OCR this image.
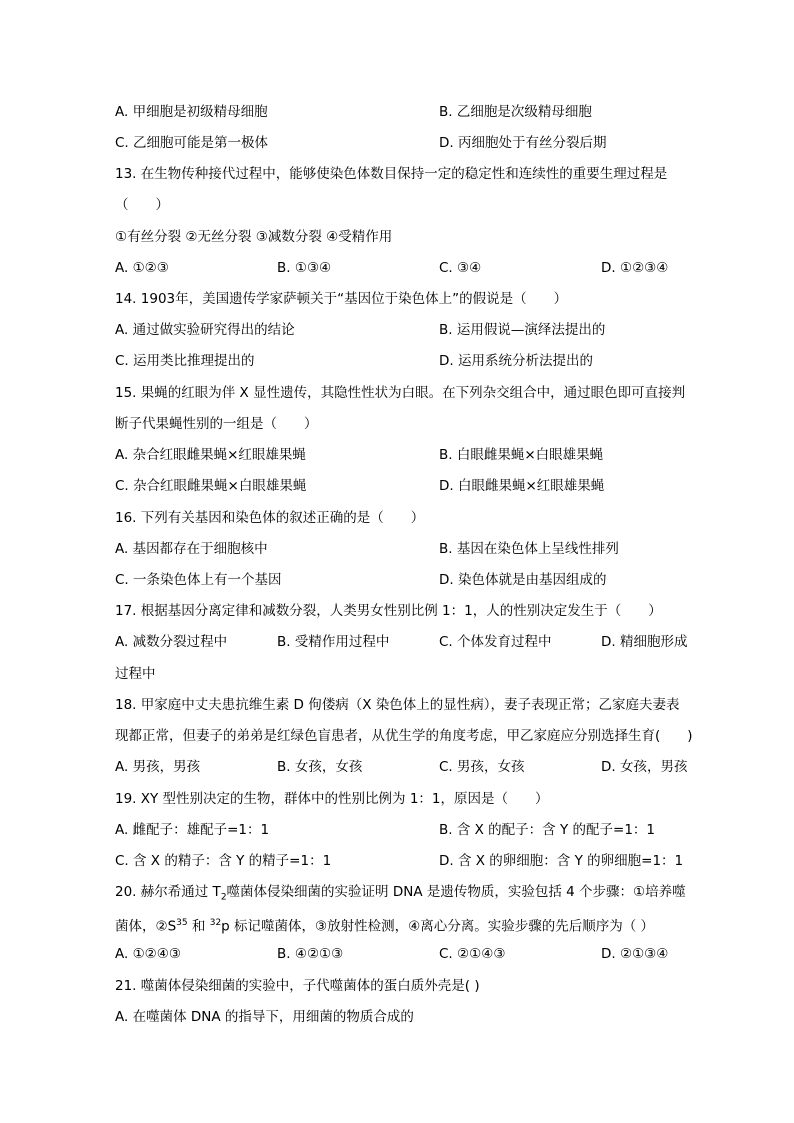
A. 甲细胞是初级精母细胞	B. 乙细胞是次级精母细胞
C. 乙细胞可能是第一极体	D. 丙细胞处于有丝分裂后期
13. 在生物传种接代过程中，能够使染色体数目保持一定的稳定性和连续性的重要生理过程是
（　　）
①有丝分裂 ②无丝分裂 ③减数分裂 ④受精作用
A. ①②③	B. ①③④	C. ③④	D. ①②③④
14. 1903年，美国遗传学家萨顿关于“基因位于染色体上”的假说是（　　）
A. 通过做实验研究得出的结论	B. 运用假说—演绎法提出的
C. 运用类比推理提出的	D. 运用系统分析法提出的
15. 果蝇的红眼为伴 X 显性遗传，其隐性性状为白眼。在下列杂交组合中，通过眼色即可直接判
断子代果蝇性别的一组是（　　）
A. 杂合红眼雌果蝇×红眼雄果蝇	B. 白眼雌果蝇×白眼雄果蝇
C. 杂合红眼雌果蝇×白眼雄果蝇	D. 白眼雌果蝇×红眼雄果蝇
16. 下列有关基因和染色体的叙述正确的是（　　）
A. 基因都存在于细胞核中	B. 基因在染色体上呈线性排列
C. 一条染色体上有一个基因	D. 染色体就是由基因组成的
17. 根据基因分离定律和减数分裂，人类男女性别比例 1：1，人的性别决定发生于（　　）
A. 减数分裂过程中	B. 受精作用过程中	C. 个体发育过程中	D. 精细胞形成
过程中
18. 甲家庭中丈夫患抗维生素 D 佝偻病（X 染色体上的显性病），妻子表现正常；乙家庭夫妻表
现都正常，但妻子的弟弟是红绿色盲患者，从优生学的角度考虑，甲乙家庭应分别选择生育(　　)
A. 男孩，男孩	B. 女孩，女孩	C. 男孩，女孩	D. 女孩，男孩
19. XY 型性别决定的生物，群体中的性别比例为 1：1，原因是（　　）
A. 雌配子：雄配子=1：1	B. 含 X 的配子：含 Y 的配子=1：1
C. 含 X 的精子：含 Y 的精子=1：1	D. 含 X 的卵细胞：含 Y 的卵细胞=1：1
20. 赫尔希通过 $T_2$噬菌体侵染细菌的实验证明 DNA 是遗传物质，实验包括 4 个步骤：①培养噬
菌体，$②S^{35}$ 和 $^{32}$p 标记噬菌体，③放射性检测，④离心分离。实验步骤的先后顺序为（ ）
A. ①②④③	B. ④②①③	C. ②①④③	D. ②①③④
21. 噬菌体侵染细菌的实验中，子代噬菌体的蛋白质外壳是( )
A. 在噬菌体 DNA 的指导下，用细菌的物质合成的
